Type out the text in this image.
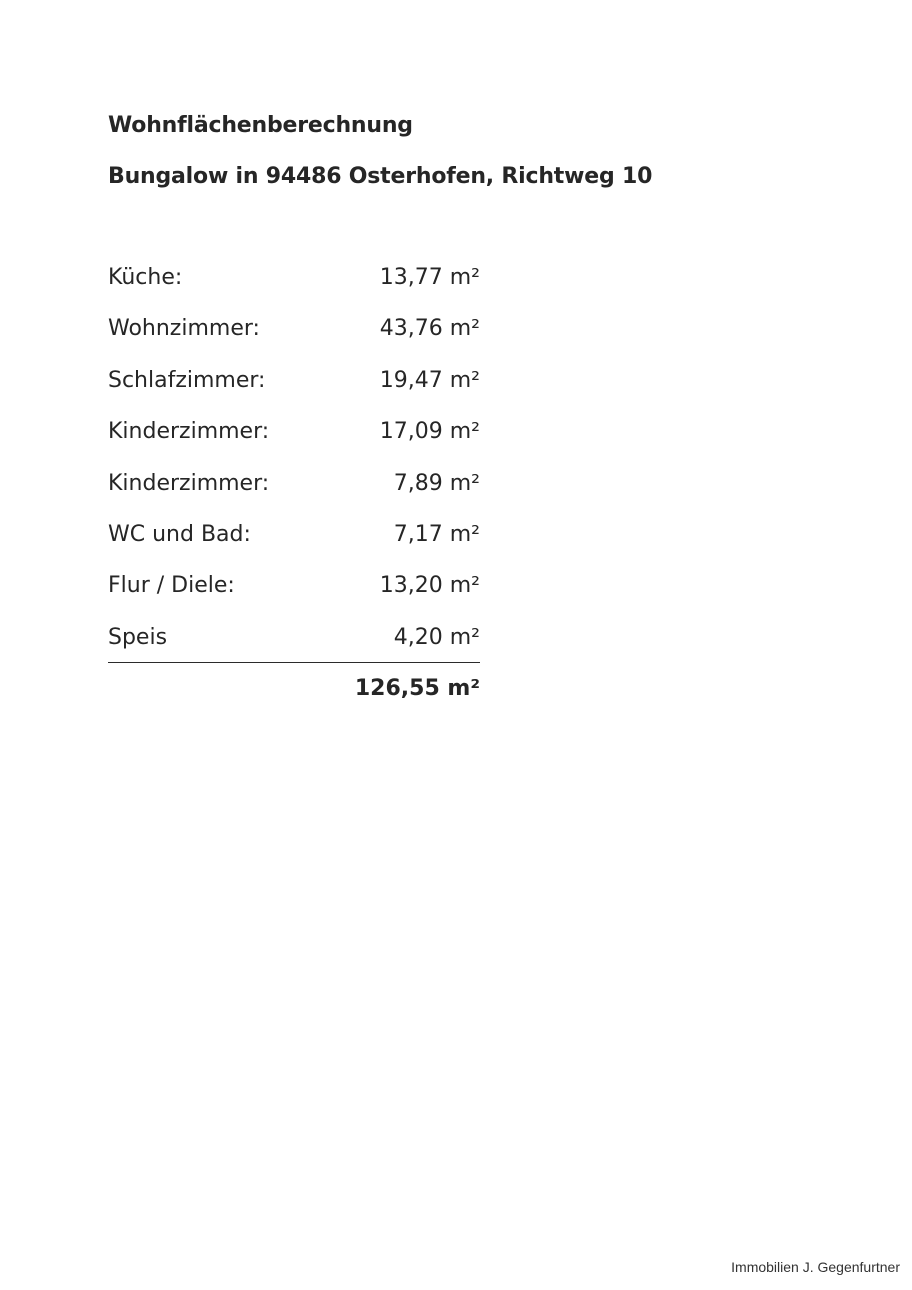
Wohnflächenberechnung
Bungalow in 94486 Osterhofen, Richtweg 10
Küche:	13,77 m²
Wohnzimmer:	43,76 m²
Schlafzimmer:	19,47 m²
Kinderzimmer:	17,09 m²
Kinderzimmer:	7,89 m²
WC und Bad:	7,17 m²
Flur / Diele:	13,20 m²
Speis	4,20 m²
126,55 m²
Immobilien J. Gegenfurtner
